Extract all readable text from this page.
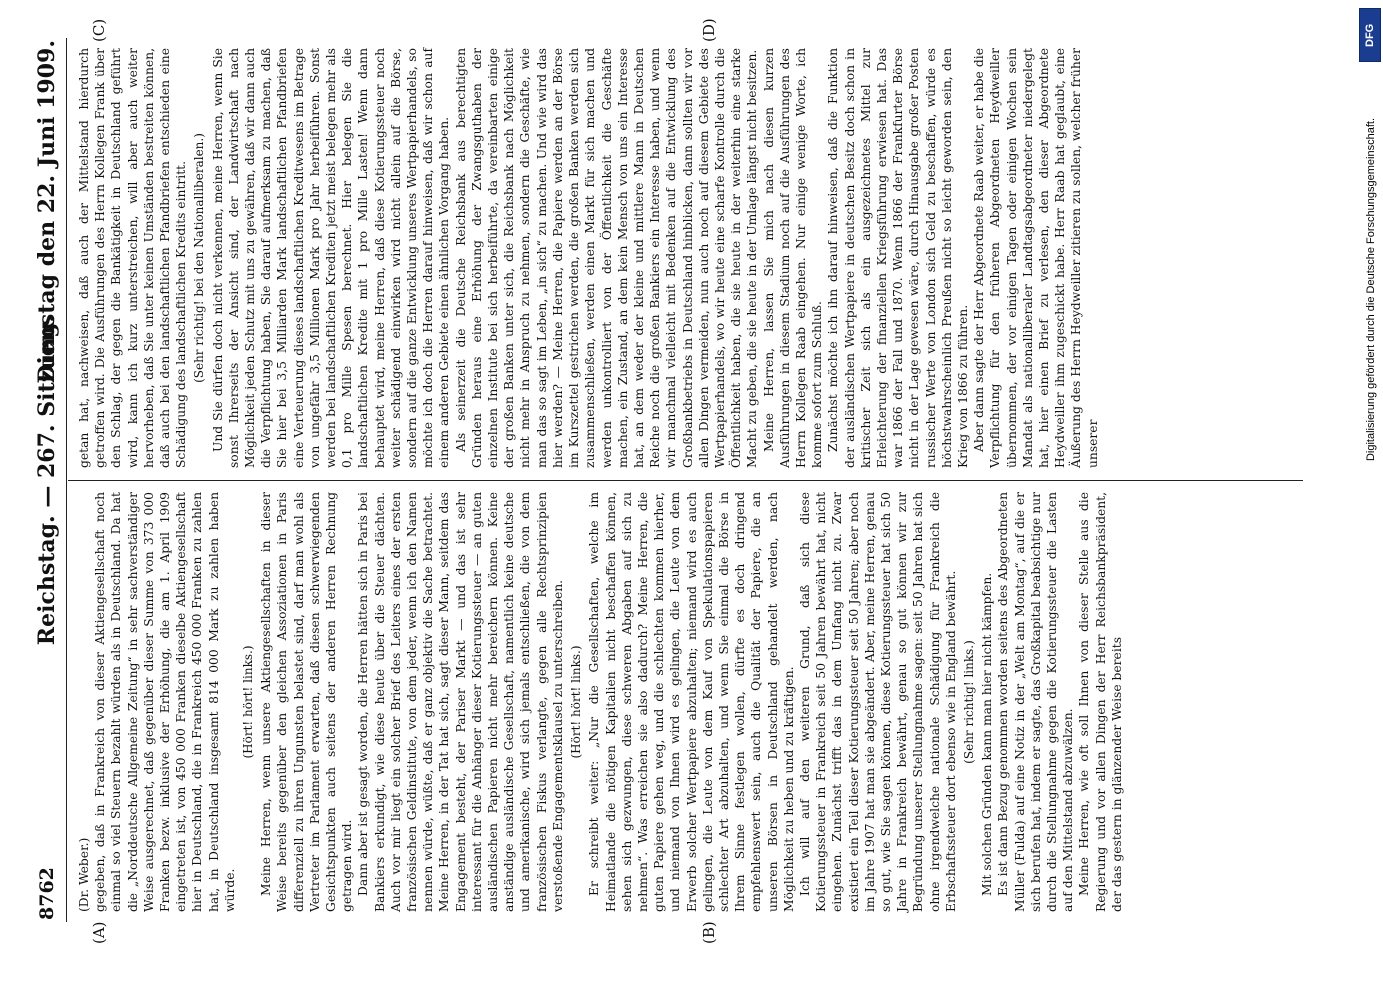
8762
Reichstag. — 267. Sitzung.
Dienstag den 22. Juni 1909.
(A)	(B)
(C)	(D)

(Dr. Weber.) gegeben, daß in Frankreich von dieser Aktiengesellschaft noch einmal so viel Steuern bezahlt würden als in Deutschland. Da hat die „Norddeutsche Allgemeine Zeitung“ in sehr sachverständiger Weise ausgerechnet, daß gegenüber dieser Summe von 373 000 Franken bezw. inklusive der Erhöhung, die am 1. April 1909 eingetreten ist, von 450 000 Franken dieselbe Aktiengesellschaft hier in Deutschland, die in Frankreich 450 000 Franken zu zahlen hat, in Deutschland insgesamt 814 000 Mark zu zahlen haben würde.

(Hört! hört! links.) Meine Herren, wenn unsere Aktiengesellschaften in dieser Weise bereits gegenüber den gleichen Assoziationen in Paris differenziell zu ihren Ungunsten belastet sind, darf man wohl als Vertreter im Parlament erwarten, daß diesen schwerwiegenden Gesichtspunkten auch seitens der anderen Herren Rechnung getragen wird. Dann aber ist gesagt worden, die Herren hätten sich in Paris bei Bankiers erkundigt, wie diese heute über die Steuer dächten. Auch vor mir liegt ein solcher Brief des Leiters eines der ersten französischen Geldinstitute, von dem jeder, wenn ich den Namen nennen würde, wüßte, daß er ganz objektiv die Sache betrachtet. Meine Herren, in der Tat hat sich, sagt dieser Mann, seitdem das Engagement besteht, der Pariser Markt — und das ist sehr interessant für die Anhänger dieser Kotierungssteuer — an guten ausländischen Papieren nicht mehr bereichern können. Keine anständige ausländische Gesellschaft, namentlich keine deutsche und amerikanische, wird sich jemals entschließen, die von dem französischen Fiskus verlangte, gegen alle Rechtsprinzipien verstoßende Engagementsklausel zu unterschreiben. (Hört! hört! links.) Er schreibt weiter: „Nur die Gesellschaften, welche im Heimatlande die nötigen Kapitalien nicht beschaffen können, sehen sich gezwungen, diese schweren Abgaben auf sich zu nehmen“. Was erreichen sie also dadurch? Meine Herren, die guten Papiere gehen weg, und die schlechten kommen hierher, und niemand von Ihnen wird es gelingen, die Leute von dem Erwerb solcher Wertpapiere abzuhalten; niemand wird es auch gelingen, die Leute von dem Kauf von Spekulationspapieren schlechter Art abzuhalten, und wenn Sie einmal die Börse in Ihrem Sinne festlegen wollen, dürfte es doch dringend empfehlenswert sein, auch die Qualität der Papiere, die an unseren Börsen in Deutschland gehandelt werden, nach Möglichkeit zu heben und zu kräftigen. Ich will auf den weiteren Grund, daß sich diese Kotierungssteuer in Frankreich seit 50 Jahren bewährt hat, nicht eingehen. Zunächst trifft das in dem Umfang nicht zu. Zwar existiert ein Teil dieser Kotierungssteuer seit 50 Jahren; aber noch im Jahre 1907 hat man sie abgeändert. Aber, meine Herren, genau so gut, wie Sie sagen können, diese Kotierungssteuer hat sich 50 Jahre in Frankreich bewährt, genau so gut können wir zur Begründung unserer Stellungnahme sagen: seit 50 Jahren hat sich ohne irgendwelche nationale Schädigung für Frankreich die Erbschaftssteuer dort ebenso wie in England bewährt. (Sehr richtig! links.) Mit solchen Gründen kann man hier nicht kämpfen. Es ist dann Bezug genommen worden seitens des Abgeordneten Müller (Fulda) auf eine Notiz in der „Welt am Montag“, auf die er sich berufen hat, indem er sagte, das Großkapital beabsichtige nur durch die Stellungnahme gegen die Kotierungssteuer die Lasten auf den Mittelstand abzuwälzen. Meine Herren, wie oft soll Ihnen von dieser Stelle aus die Regierung und vor allen Dingen der Herr Reichsbankpräsident, der das gestern in glänzender Weise bereits

getan hat, nachweisen, daß auch der Mittelstand hierdurch getroffen wird. Die Ausführungen des Herrn Kollegen Frank über den Schlag, der gegen die Bankätigkeit in Deutschland geführt wird, kann ich kurz unterstreichen, will aber auch weiter hervorheben, daß Sie unter keinen Umständen bestreiten können, daß auch bei den landschaftlichen Pfandbriefen entschieden eine Schädigung des landschaftlichen Kredits eintritt. (Sehr richtig! bei den Nationalliberalen.) Und Sie dürfen doch nicht verkennen, meine Herren, wenn Sie sonst Ihrerseits der Ansicht sind, der Landwirtschaft nach Möglichkeit jeden Schutz mit uns zu gewähren, daß wir dann auch die Verpflichtung haben, Sie darauf aufmerksam zu machen, daß Sie hier bei 3,5 Milliarden Mark landschaftlichen Pfandbriefen eine Verteuerung dieses landschaftlichen Kreditwesens im Betrage von ungefähr 3,5 Millionen Mark pro Jahr herbeiführen. Sonst werden bei landschaftlichen Krediten jetzt meist belegen mehr als 0,1 pro Mille Spesen berechnet. Hier belegen Sie die landschaftlichen Kredite mit 1 pro Mille Lasten! Wenn dann behauptet wird, meine Herren, daß diese Kotierungssteuer noch weiter schädigend einwirken wird nicht allein auf die Börse, sondern auf die ganze Entwicklung unseres Wertpapierhandels, so möchte ich doch die Herren darauf hinweisen, daß wir schon auf einem anderen Gebiete einen ähnlichen Vorgang haben. Als seinerzeit die Deutsche Reichsbank aus berechtigten Gründen heraus eine Erhöhung der Zwangsguthaben der einzelnen Institute bei sich herbeiführte, da vereinbarten einige der großen Banken unter sich, die Reichsbank nach Möglichkeit nicht mehr in Anspruch zu nehmen, sondern die Geschäfte, wie man das so sagt im Leben, „in sich“ zu machen. Und wie wird das hier werden? — Meine Herren, die Papiere werden an der Börse im Kurszettel gestrichen werden, die großen Banken werden sich zusammenschließen, werden einen Markt für sich machen und werden unkontrolliert von der Öffentlichkeit die Geschäfte machen, ein Zustand, an dem kein Mensch von uns ein Interesse hat, an dem weder der kleine und mittlere Mann in Deutschen Reiche noch die großen Bankiers ein Interesse haben, und wenn wir manchmal vielleicht mit Bedenken auf die Entwicklung des Großbankbetriebs in Deutschland hinblicken, dann sollten wir vor allen Dingen vermeiden, nun auch noch auf diesem Gebiete des Wertpapierhandels, wo wir heute eine scharfe Kontrolle durch die Öffentlichkeit haben, die sie heute in der weiterhin eine starke Macht zu geben, die sie heute in der Umlage längst nicht besitzen. Meine Herren, lassen Sie mich nach diesen kurzen Ausführungen in diesem Stadium noch auf die Ausführungen des Herrn Kollegen Raab eingehen. Nur einige wenige Worte, ich komme sofort zum Schluß. Zunächst möchte ich ihn darauf hinweisen, daß die Funktion der ausländischen Wertpapiere in deutschen Besitz doch schon in kritischer Zeit sich als ein ausgezeichnetes Mittel zur Erleichterung der finanziellen Kriegsführung erwiesen hat. Das war 1866 der Fall und 1870. Wenn 1866 der Frankfurter Börse nicht in der Lage gewesen wäre, durch Hinausgabe großer Posten russischer Werte von London sich Geld zu beschaffen, würde es höchstwahrscheinlich Preußen nicht so leicht geworden sein, den Krieg von 1866 zu führen. Aber dann sagte der Herr Abgeordnete Raab weiter, er habe die Verpflichtung für den früheren Abgeordneten Heydweiller übernommen, der vor einigen Tagen oder einigen Wochen sein Mandat als nationalliberaler Landtagsabgeordneter niedergelegt hat, hier einen Brief zu verlesen, den dieser Abgeordnete Heydweiller ihm zugeschickt habe. Herr Raab hat geglaubt, eine Äußerung des Herrn Heydweiller zitieren zu sollen, welcher früher unserer

DFG
Digitalisierung gefördert durch die Deutsche Forschungsgemeinschaft.
